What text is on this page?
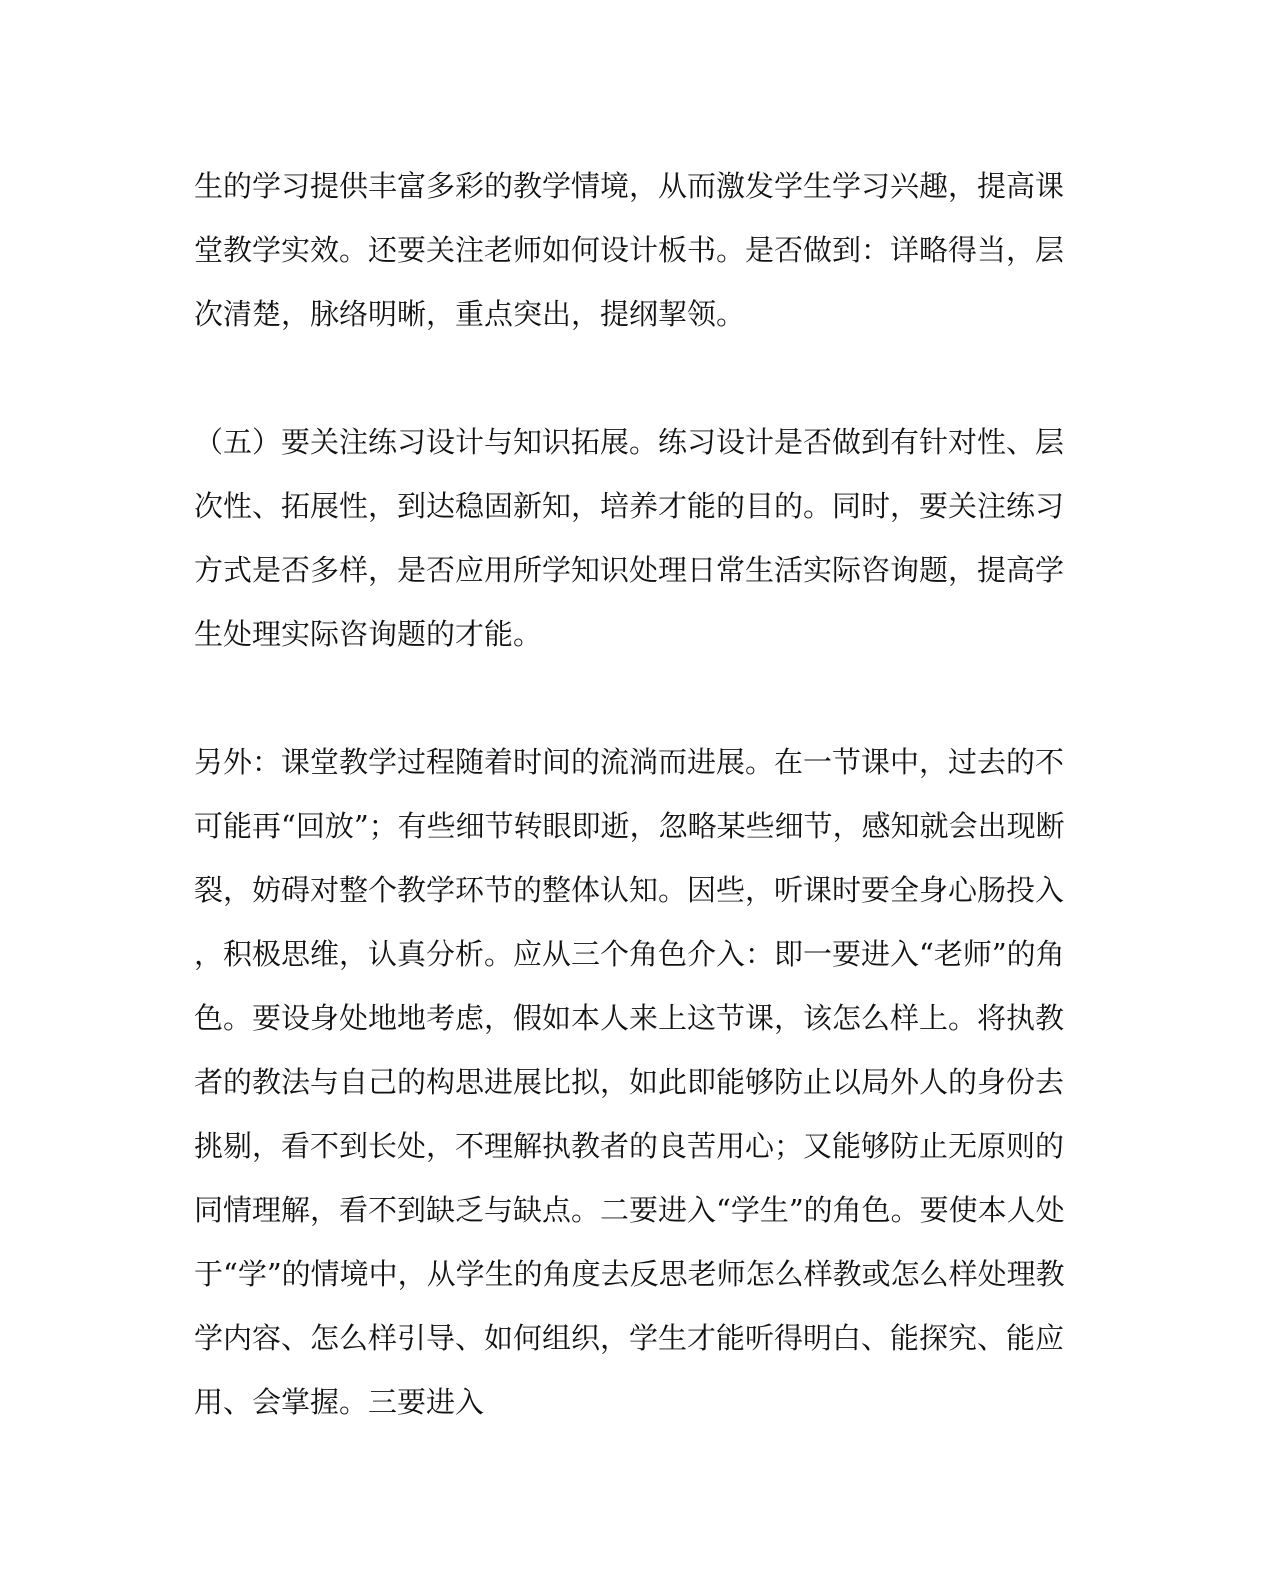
生的学习提供丰富多彩的教学情境，从而激发学生学习兴趣，提高课
堂教学实效。还要关注老师如何设计板书。是否做到：详略得当，层
次清楚，脉络明晰，重点突出，提纲挈领。
（五）要关注练习设计与知识拓展。练习设计是否做到有针对性、层
次性、拓展性，到达稳固新知，培养才能的目的。同时，要关注练习
方式是否多样，是否应用所学知识处理日常生活实际咨询题，提高学
生处理实际咨询题的才能。
另外：课堂教学过程随着时间的流淌而进展。在一节课中，过去的不
可能再“回放”；有些细节转眼即逝，忽略某些细节，感知就会出现断
裂，妨碍对整个教学环节的整体认知。因些，听课时要全身心肠投入
，积极思维，认真分析。应从三个角色介入：即一要进入“老师”的角
色。要设身处地地考虑，假如本人来上这节课，该怎么样上。将执教
者的教法与自己的构思进展比拟，如此即能够防止以局外人的身份去
挑剔，看不到长处，不理解执教者的良苦用心；又能够防止无原则的
同情理解，看不到缺乏与缺点。二要进入“学生”的角色。要使本人处
于“学”的情境中，从学生的角度去反思老师怎么样教或怎么样处理教
学内容、怎么样引导、如何组织，学生才能听得明白、能探究、能应
用、会掌握。三要进入
